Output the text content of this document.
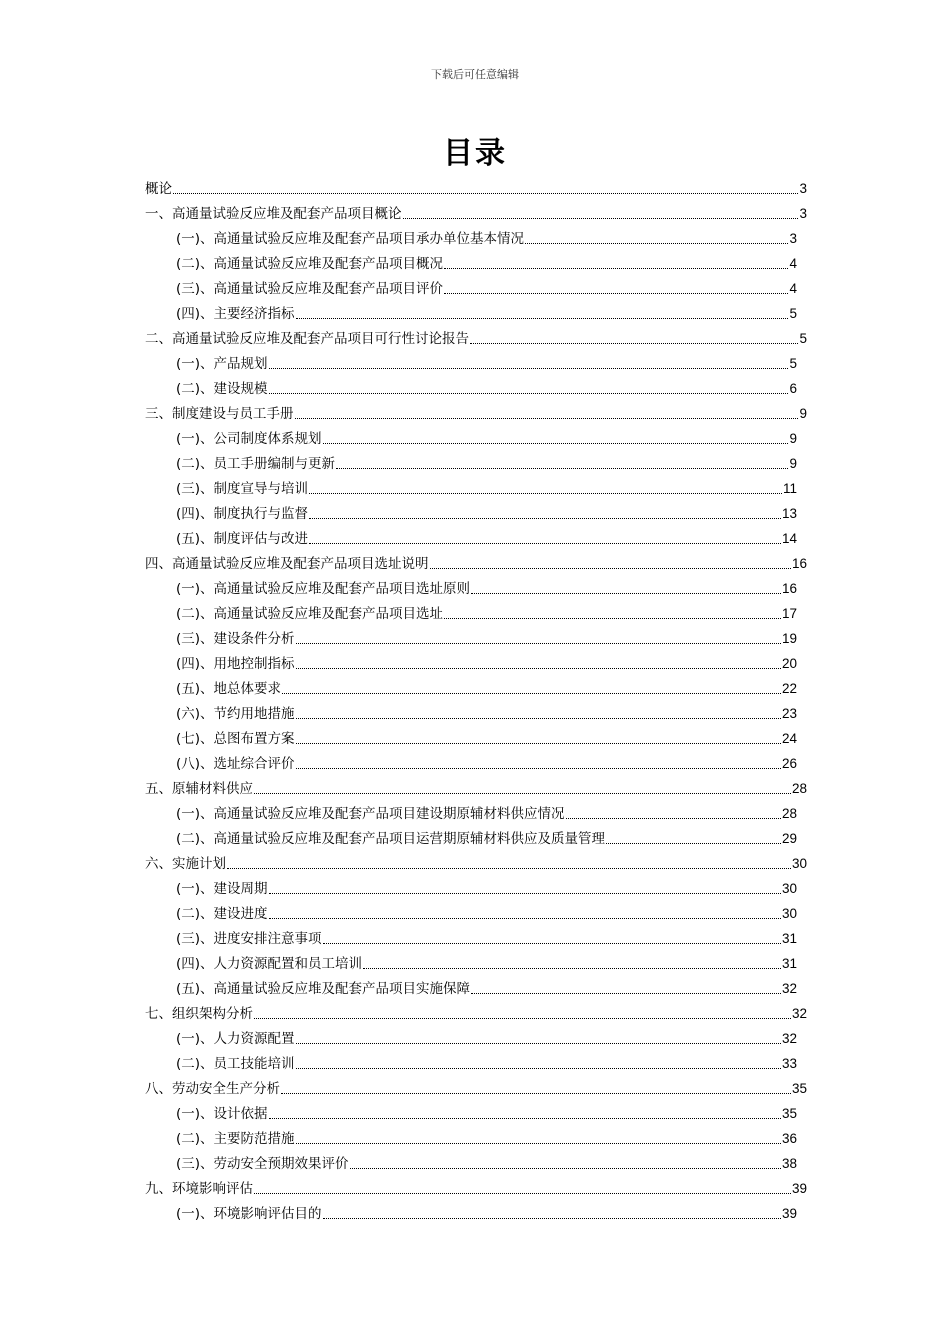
下载后可任意编辑
目录
概论	3
一、高通量试验反应堆及配套产品项目概论	3
(一)、高通量试验反应堆及配套产品项目承办单位基本情况	3
(二)、高通量试验反应堆及配套产品项目概况	4
(三)、高通量试验反应堆及配套产品项目评价	4
(四)、主要经济指标	5
二、高通量试验反应堆及配套产品项目可行性讨论报告	5
(一)、产品规划	5
(二)、建设规模	6
三、制度建设与员工手册	9
(一)、公司制度体系规划	9
(二)、员工手册编制与更新	9
(三)、制度宣导与培训	11
(四)、制度执行与监督	13
(五)、制度评估与改进	14
四、高通量试验反应堆及配套产品项目选址说明	16
(一)、高通量试验反应堆及配套产品项目选址原则	16
(二)、高通量试验反应堆及配套产品项目选址	17
(三)、建设条件分析	19
(四)、用地控制指标	20
(五)、地总体要求	22
(六)、节约用地措施	23
(七)、总图布置方案	24
(八)、选址综合评价	26
五、原辅材料供应	28
(一)、高通量试验反应堆及配套产品项目建设期原辅材料供应情况	28
(二)、高通量试验反应堆及配套产品项目运营期原辅材料供应及质量管理	29
六、实施计划	30
(一)、建设周期	30
(二)、建设进度	30
(三)、进度安排注意事项	31
(四)、人力资源配置和员工培训	31
(五)、高通量试验反应堆及配套产品项目实施保障	32
七、组织架构分析	32
(一)、人力资源配置	32
(二)、员工技能培训	33
八、劳动安全生产分析	35
(一)、设计依据	35
(二)、主要防范措施	36
(三)、劳动安全预期效果评价	38
九、环境影响评估	39
(一)、环境影响评估目的	39
